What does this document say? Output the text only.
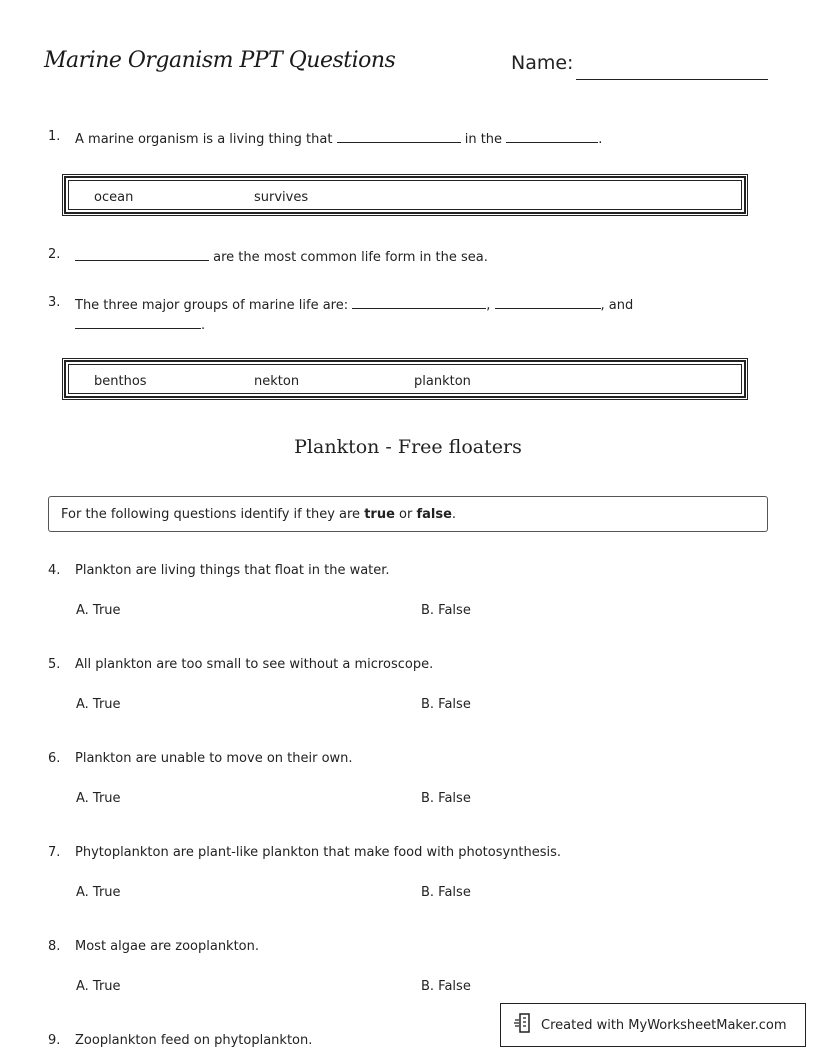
Marine Organism PPT Questions	Name:
1. A marine organism is a living thing that	in the	.
ocean	survives
2.	are the most common life form in the sea.
3. The three major groups of marine life are:	,	, and
.
benthos	nekton	plankton
Plankton - Free floaters
For the following questions identify if they are true or false.
4. Plankton are living things that float in the water.
A. True	B. False
5. All plankton are too small to see without a microscope.
A. True	B. False
6. Plankton are unable to move on their own.
A. True	B. False
7. Phytoplankton are plant-like plankton that make food with photosynthesis.
A. True	B. False
8. Most algae are zooplankton.
A. True	B. False
9. Zooplankton feed on phytoplankton.
Created with MyWorksheetMaker.com
